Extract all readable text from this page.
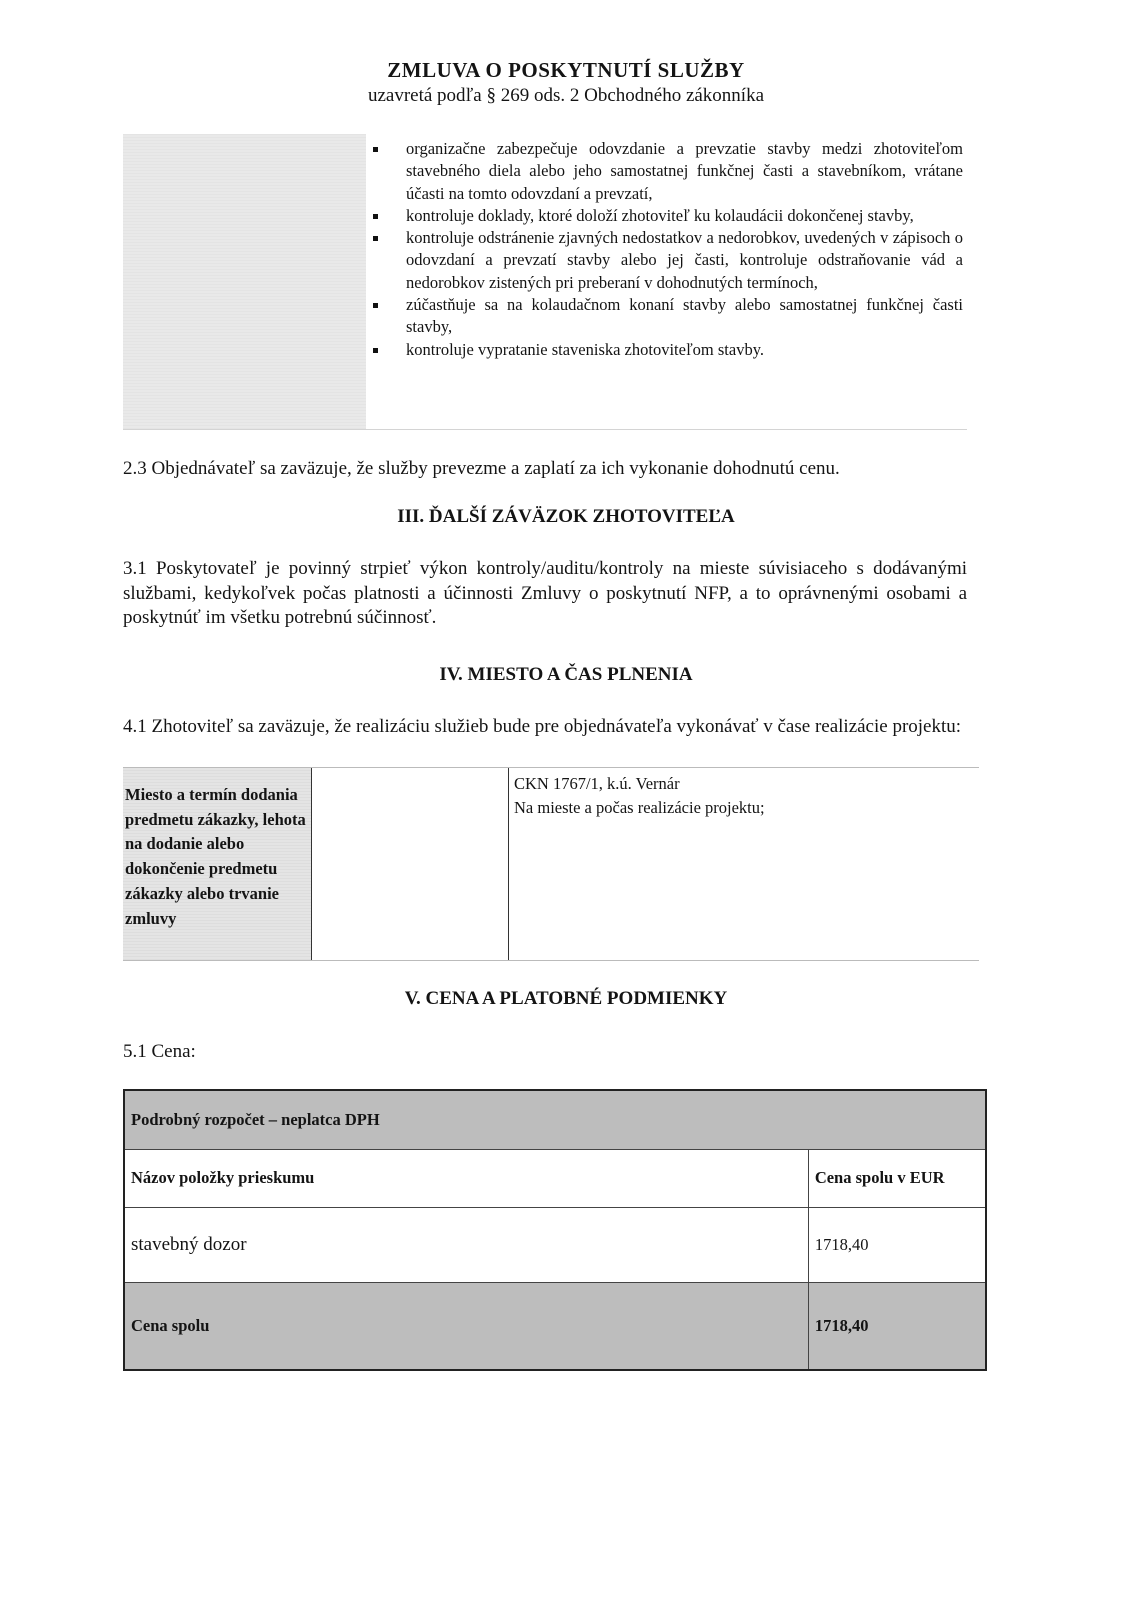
ZMLUVA O POSKYTNUTÍ SLUŽBY
uzavretá podľa § 269 ods. 2 Obchodného zákonníka
organizačne zabezpečuje odovzdanie a prevzatie stavby medzi zhotoviteľom stavebného diela alebo jeho samostatnej funkčnej časti a stavebníkom, vrátane účasti na tomto odovzdaní a prevzatí,
kontroluje doklady, ktoré doloží zhotoviteľ ku kolaudácii dokončenej stavby,
kontroluje odstránenie zjavných nedostatkov a nedorobkov, uvedených v zápisoch o odovzdaní a prevzatí stavby alebo jej časti, kontroluje odstraňovanie vád a nedorobkov zistených pri preberaní v dohodnutých termínoch,
zúčastňuje sa na kolaudačnom konaní stavby alebo samostatnej funkčnej časti stavby,
kontroluje vypratanie staveniska zhotoviteľom stavby.
2.3 Objednávateľ sa zaväzuje, že služby prevezme a zaplatí za ich vykonanie dohodnutú cenu.
III. ĎALŠÍ ZÁVÄZOK ZHOTOVITEĽA
3.1 Poskytovateľ je povinný strpieť výkon kontroly/auditu/kontroly na mieste súvisiaceho s dodávanými službami, kedykoľvek počas platnosti a účinnosti Zmluvy o poskytnutí NFP, a to oprávnenými osobami a poskytnúť im všetku potrebnú súčinnosť.
IV. MIESTO A ČAS PLNENIA
4.1 Zhotoviteľ sa zaväzuje, že realizáciu služieb bude pre objednávateľa vykonávať v čase realizácie projektu:
Miesto a termín dodania predmetu zákazky, lehota na dodanie alebo dokončenie predmetu zákazky alebo trvanie zmluvy
CKN 1767/1, k.ú. Vernár
Na mieste a počas realizácie projektu;
V. CENA A PLATOBNÉ PODMIENKY
5.1 Cena:
Podrobný rozpočet – neplatca DPH	
Názov položky prieskumu	Cena spolu v EUR
stavebný dozor	1718,40
Cena spolu	1718,40
